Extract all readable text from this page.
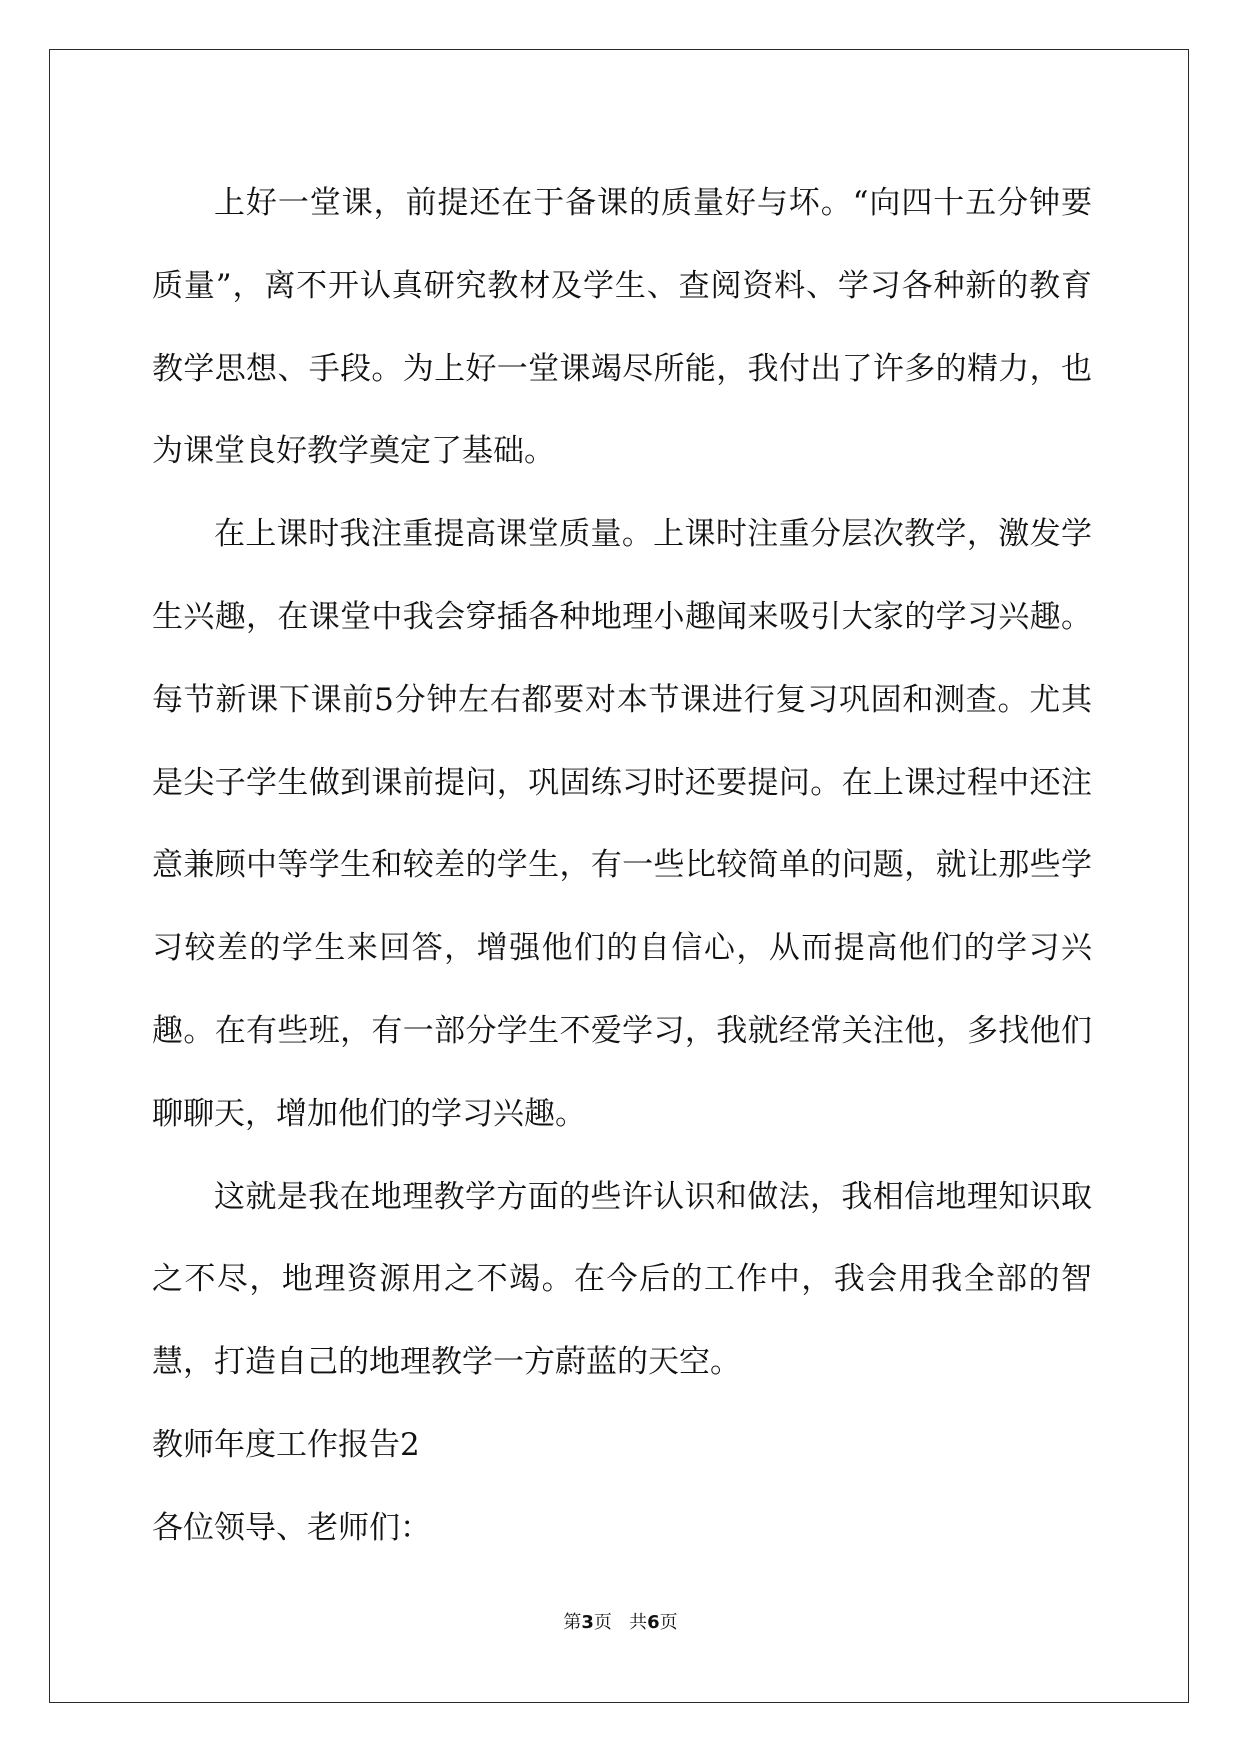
上好一堂课，前提还在于备课的质量好与坏。“向四十五分钟要质量”，离不开认真研究教材及学生、查阅资料、学习各种新的教育教学思想、手段。为上好一堂课竭尽所能，我付出了许多的精力，也为课堂良好教学奠定了基础。

在上课时我注重提高课堂质量。上课时注重分层次教学，激发学生兴趣，在课堂中我会穿插各种地理小趣闻来吸引大家的学习兴趣。每节新课下课前5分钟左右都要对本节课进行复习巩固和测查。尤其是尖子学生做到课前提问，巩固练习时还要提问。在上课过程中还注意兼顾中等学生和较差的学生，有一些比较简单的问题，就让那些学习较差的学生来回答，增强他们的自信心，从而提高他们的学习兴趣。在有些班，有一部分学生不爱学习，我就经常关注他，多找他们聊聊天，增加他们的学习兴趣。

这就是我在地理教学方面的些许认识和做法，我相信地理知识取之不尽，地理资源用之不竭。在今后的工作中，我会用我全部的智慧，打造自己的地理教学一方蔚蓝的天空。

教师年度工作报告2

各位领导、老师们：

第3页 共6页
